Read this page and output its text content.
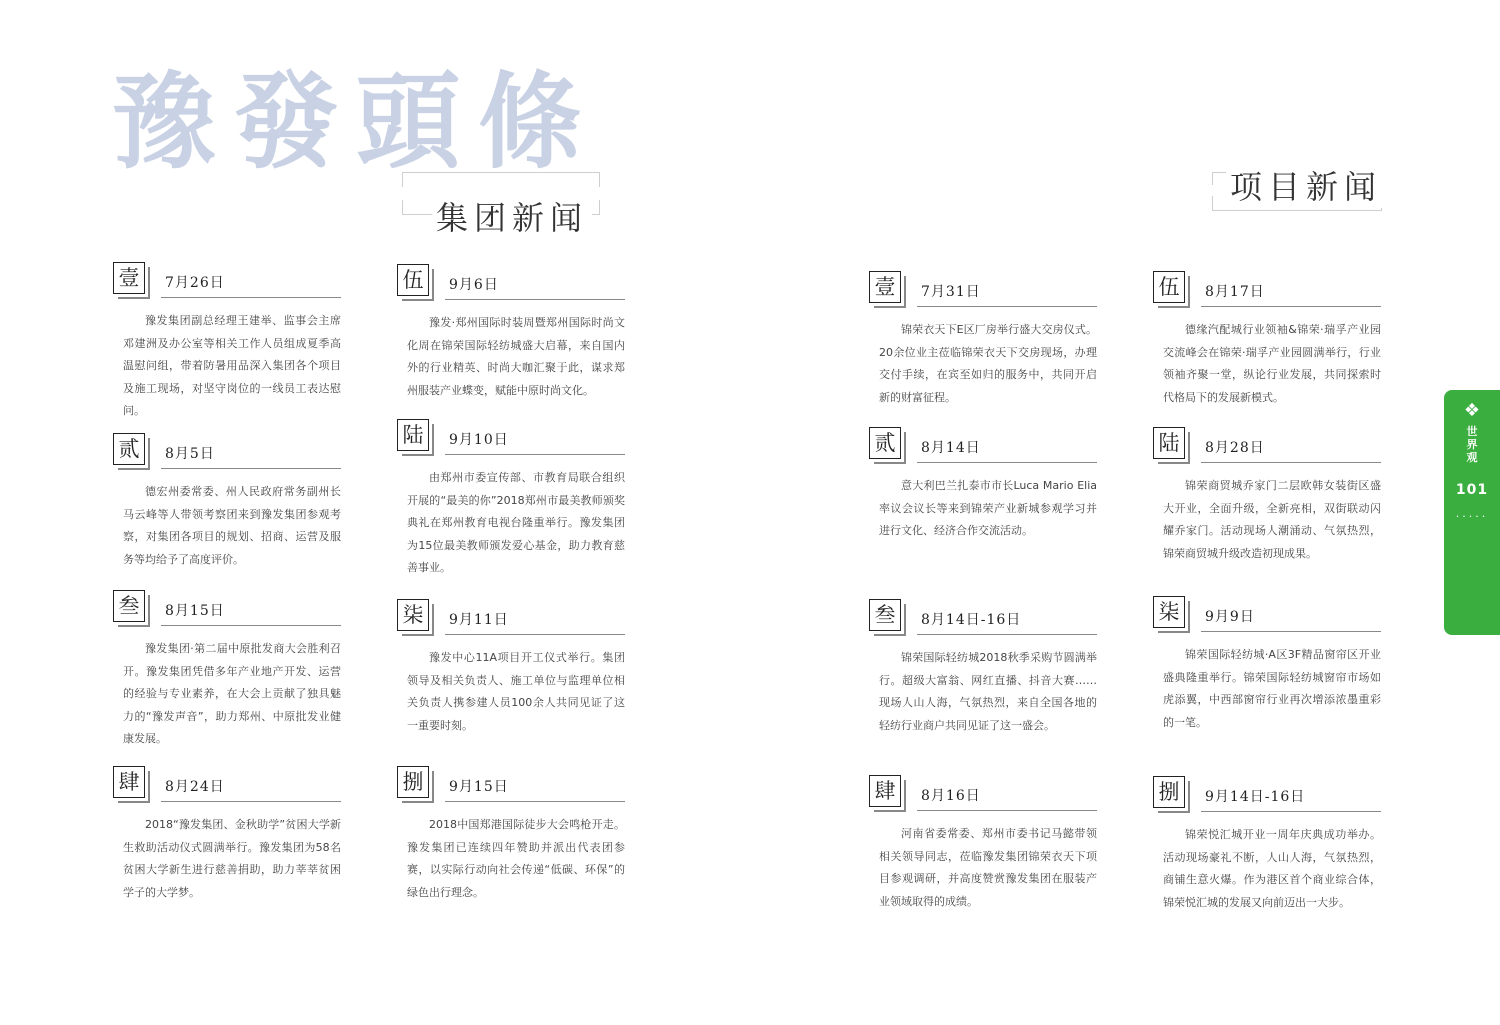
豫發頭條
集团新闻
项目新闻
壹	7月26日
豫发集团副总经理王建举、监事会主席邓建洲及办公室等相关工作人员组成夏季高温慰问组，带着防暑用品深入集团各个项目及施工现场，对坚守岗位的一线员工表达慰问。
贰	8月5日
德宏州委常委、州人民政府常务副州长马云峰等人带领考察团来到豫发集团参观考察，对集团各项目的规划、招商、运营及服务等均给予了高度评价。
叁	8月15日
豫发集团·第二届中原批发商大会胜利召开。豫发集团凭借多年产业地产开发、运营的经验与专业素养，在大会上贡献了独具魅力的“豫发声音”，助力郑州、中原批发业健康发展。
肆	8月24日
2018“豫发集团、金秋助学”贫困大学新生救助活动仪式圆满举行。豫发集团为58名贫困大学新生进行慈善捐助，助力莘莘贫困学子的大学梦。
伍	9月6日
豫发·郑州国际时装周暨郑州国际时尚文化周在锦荣国际轻纺城盛大启幕，来自国内外的行业精英、时尚大咖汇聚于此，谋求郑州服装产业蝶变，赋能中原时尚文化。
陆	9月10日
由郑州市委宣传部、市教育局联合组织开展的“最美的你”2018郑州市最美教师颁奖典礼在郑州教育电视台隆重举行。豫发集团为15位最美教师颁发爱心基金，助力教育慈善事业。
柒	9月11日
豫发中心11A项目开工仪式举行。集团领导及相关负责人、施工单位与监理单位相关负责人携参建人员100余人共同见证了这一重要时刻。
捌	9月15日
2018中国郑港国际徒步大会鸣枪开走。豫发集团已连续四年赞助并派出代表团参赛，以实际行动向社会传递“低碳、环保”的绿色出行理念。
壹	7月31日
锦荣衣天下E区厂房举行盛大交房仪式。20余位业主莅临锦荣衣天下交房现场，办理交付手续，在宾至如归的服务中，共同开启新的财富征程。
贰	8月14日
意大利巴兰扎泰市市长Luca Mario Elia率议会议长等来到锦荣产业新城参观学习并进行文化、经济合作交流活动。
叁	8月14日-16日
锦荣国际轻纺城2018秋季采购节圆满举行。超级大富翁、网红直播、抖音大赛……现场人山人海，气氛热烈，来自全国各地的轻纺行业商户共同见证了这一盛会。
肆	8月16日
河南省委常委、郑州市委书记马懿带领相关领导同志，莅临豫发集团锦荣衣天下项目参观调研，并高度赞赏豫发集团在服装产业领域取得的成绩。
伍	8月17日
德缘汽配城行业领袖&锦荣·瑞孚产业园交流峰会在锦荣·瑞孚产业园圆满举行，行业领袖齐聚一堂，纵论行业发展，共同探索时代格局下的发展新模式。
陆	8月28日
锦荣商贸城乔家门二层欧韩女装街区盛大开业，全面升级，全新亮相，双街联动闪耀乔家门。活动现场人潮涌动、气氛热烈，锦荣商贸城升级改造初现成果。
柒	9月9日
锦荣国际轻纺城·A区3F精品窗帘区开业盛典隆重举行。锦荣国际轻纺城窗帘市场如虎添翼，中西部窗帘行业再次增添浓墨重彩的一笔。
捌	9月14日-16日
锦荣悦汇城开业一周年庆典成功举办。活动现场豪礼不断，人山人海，气氛热烈，商铺生意火爆。作为港区首个商业综合体，锦荣悦汇城的发展又向前迈出一大步。
❖
世
界
观
101
·····
